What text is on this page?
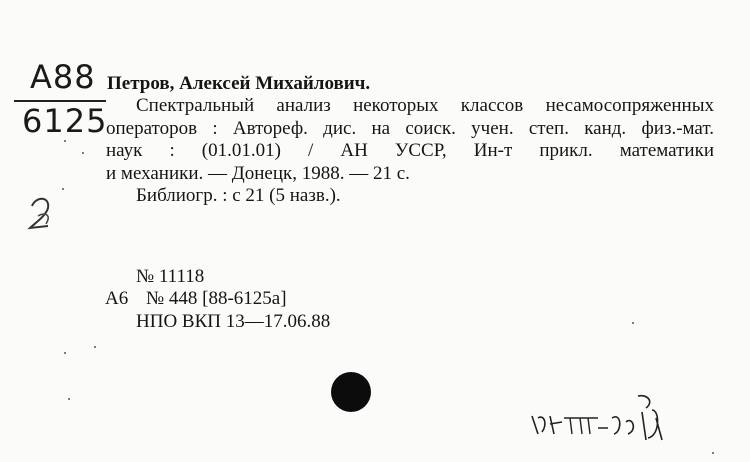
A88
6125
Петров, Алексей Михайлович.
Спектральный анализ некоторых классов несамосопряженных
операторов : Автореф. дис. на соиск. учен. степ. канд. физ.-мат.
наук : (01.01.01) / АН УССР, Ин-т прикл. математики
и механики. — Донецк, 1988. — 21 с.
Библиогр. : с 21 (5 назв.).
№ 11118
А6 № 448 [88-6125а]
НПО ВКП 13—17.06.88
